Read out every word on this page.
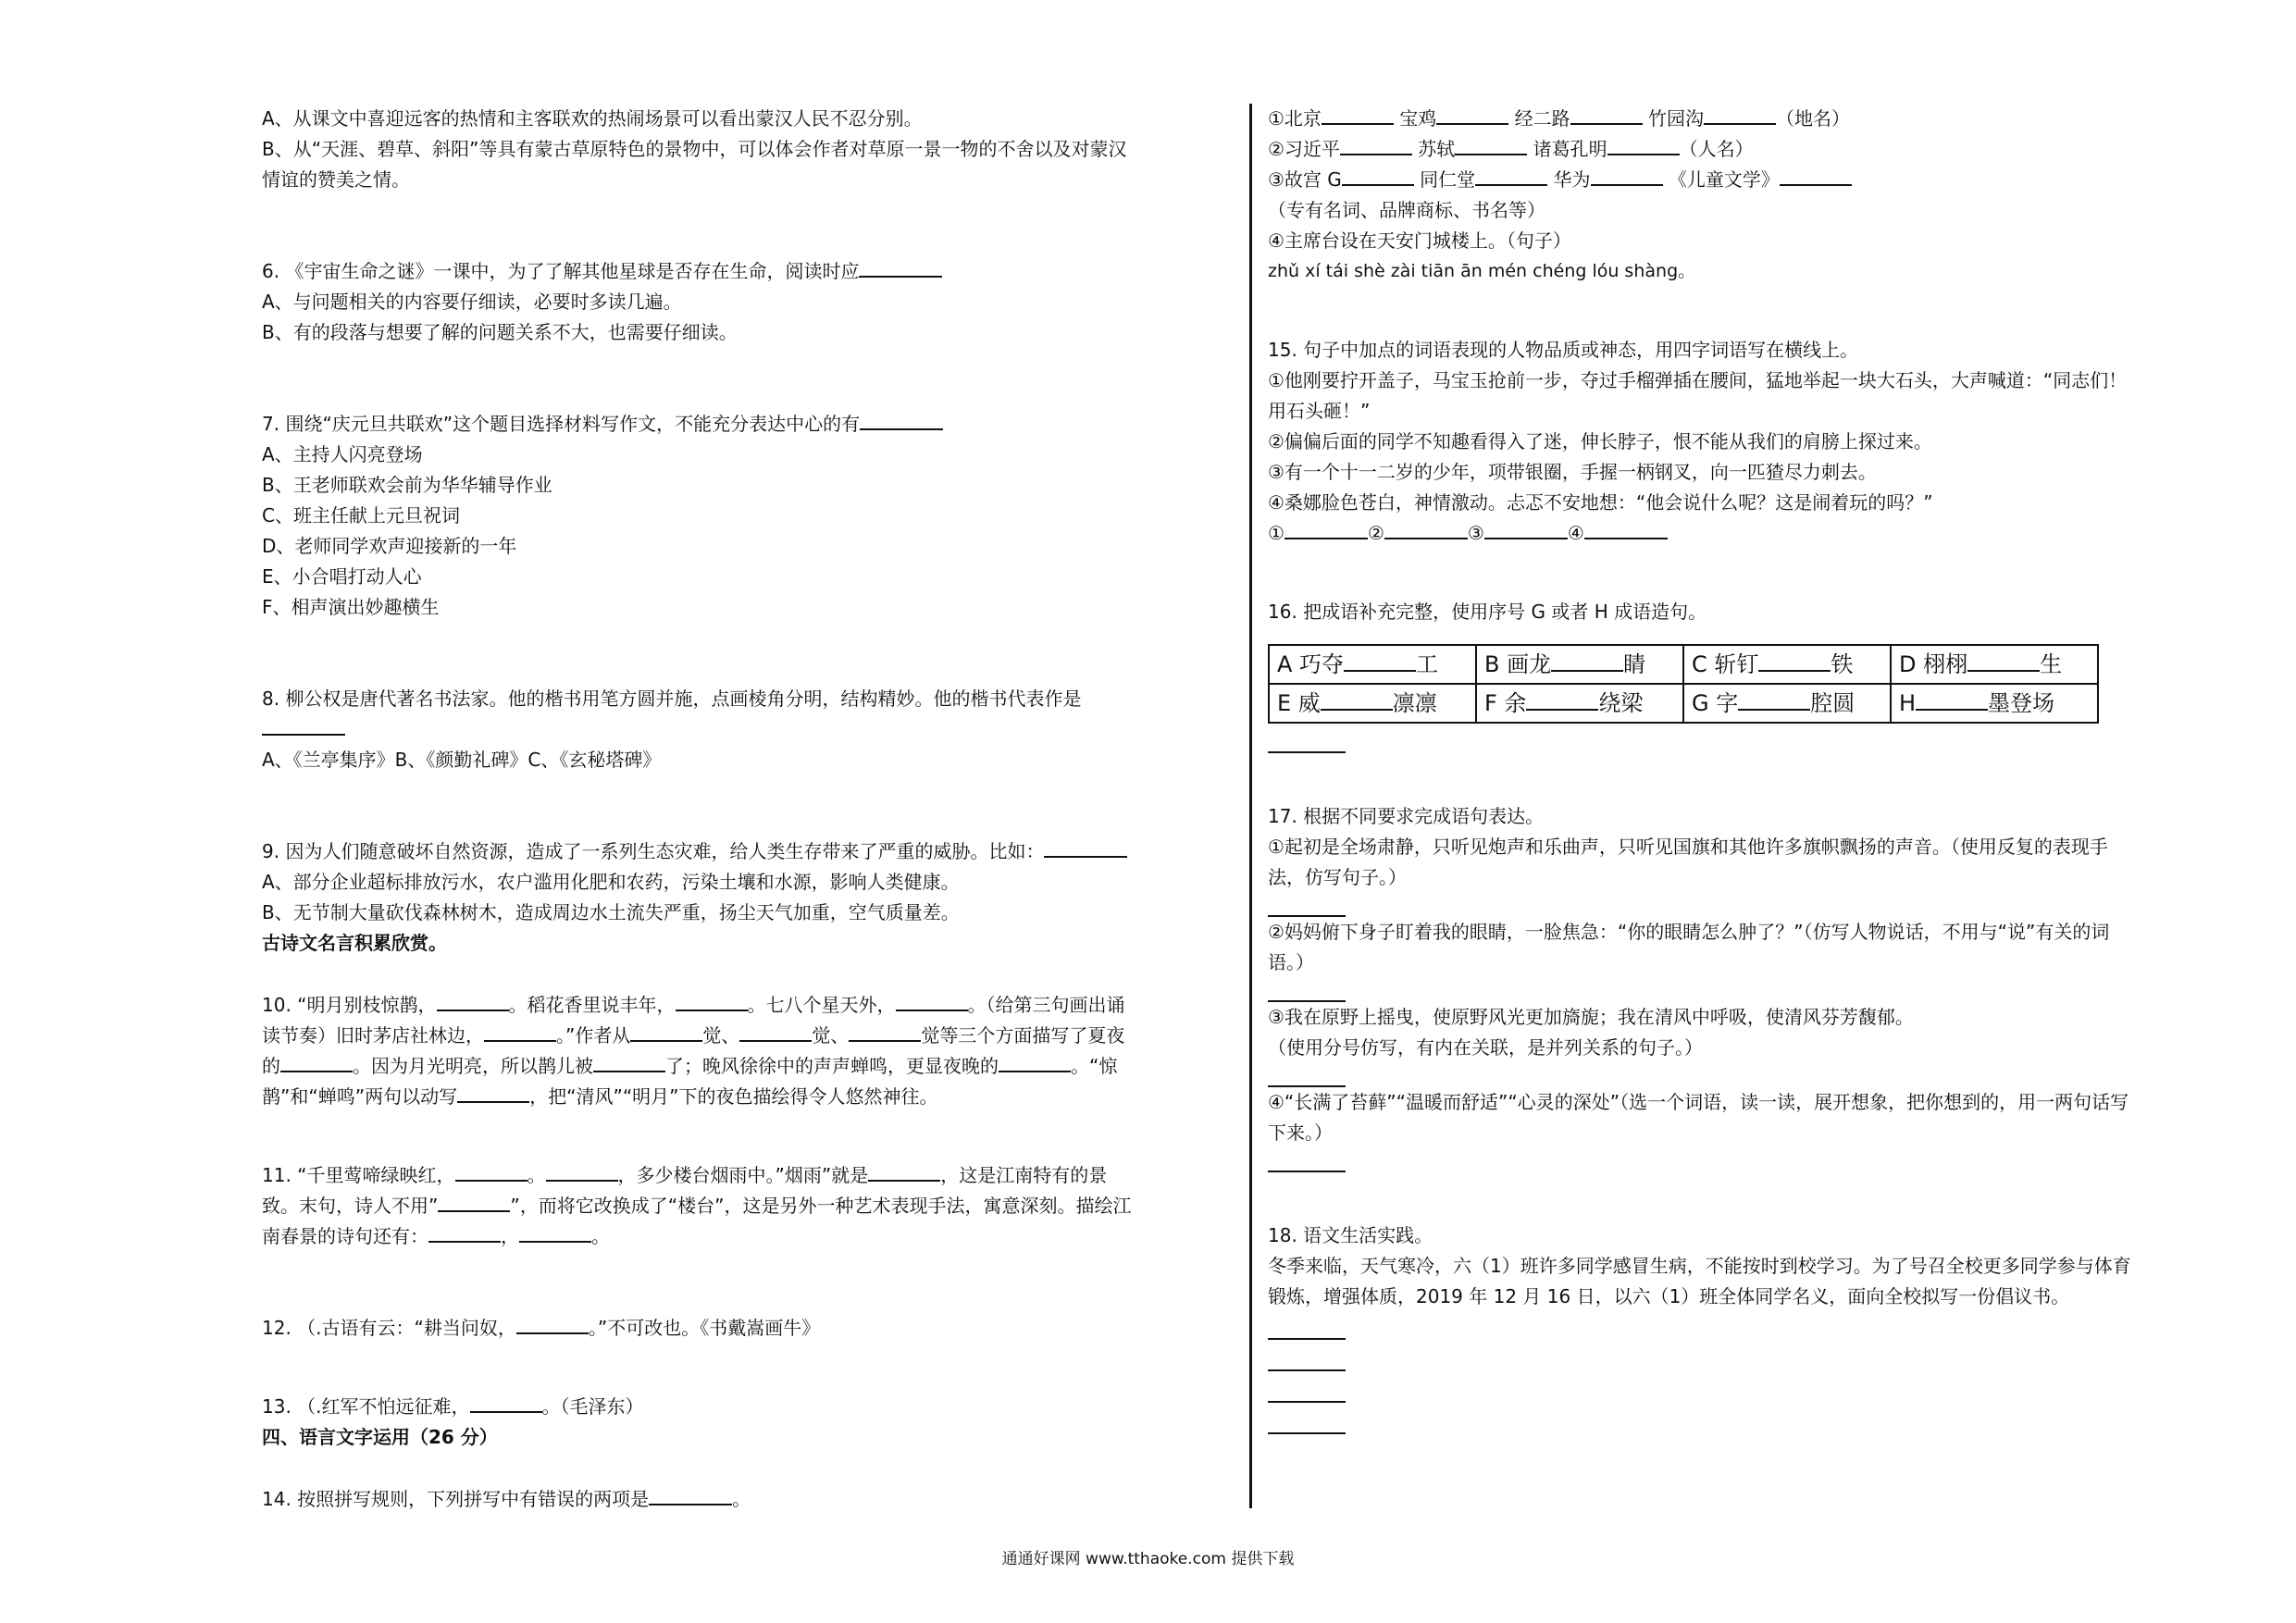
A、从课文中喜迎远客的热情和主客联欢的热闹场景可以看出蒙汉人民不忍分别。
B、从“天涯、碧草、斜阳”等具有蒙古草原特色的景物中，可以体会作者对草原一景一物的不舍以及对蒙汉
情谊的赞美之情。
6. 《宇宙生命之谜》一课中，为了了解其他星球是否存在生命，阅读时应
A、与问题相关的内容要仔细读，必要时多读几遍。
B、有的段落与想要了解的问题关系不大，也需要仔细读。
7. 围绕“庆元旦共联欢”这个题目选择材料写作文，不能充分表达中心的有
A、主持人闪亮登场
B、王老师联欢会前为华华辅导作业
C、班主任献上元旦祝词
D、老师同学欢声迎接新的一年
E、小合唱打动人心
F、相声演出妙趣横生
8. 柳公权是唐代著名书法家。他的楷书用笔方圆并施，点画棱角分明，结构精妙。他的楷书代表作是
A、《兰亭集序》B、《颜勤礼碑》C、《玄秘塔碑》
9. 因为人们随意破坏自然资源，造成了一系列生态灾难，给人类生存带来了严重的威胁。比如：
A、部分企业超标排放污水，农户滥用化肥和农药，污染土壤和水源，影响人类健康。
B、无节制大量砍伐森林树木，造成周边水土流失严重，扬尘天气加重，空气质量差。
古诗文名言积累欣赏。
10. “明月别枝惊鹊，	。稻花香里说丰年，	。七八个星天外，	。（给第三句画出诵
读节奏）旧时茅店社林边，	。”作者从	觉、	觉、	觉等三个方面描写了夏夜
的	。因为月光明亮，所以鹊儿被	了；晚风徐徐中的声声蝉鸣，更显夜晚的	。“惊
鹊”和“蝉鸣”两句以动写	，把“清风”“明月”下的夜色描绘得令人悠然神往。
11. “千里莺啼绿映红，	。	，多少楼台烟雨中。”烟雨”就是	，这是江南特有的景
致。末句，诗人不用”	”，而将它改换成了“楼台”，这是另外一种艺术表现手法，寓意深刻。描绘江
南春景的诗句还有：	，	。
12. （.古语有云：“耕当问奴，	。”不可改也。《书戴嵩画牛》
13. （.红军不怕远征难，	。（毛泽东）
四、语言文字运用（26 分）
14. 按照拼写规则，下列拼写中有错误的两项是	。
①北京	宝鸡	经二路	竹园沟	（地名）
②习近平	苏轼	诸葛孔明	（人名）
③故宫 G	同仁堂	华为	《儿童文学》
（专有名词、品牌商标、书名等）
④主席台设在天安门城楼上。（句子）
zhǔ xí tái shè zài tiān ān mén chéng lóu shàng。
15. 句子中加点的词语表现的人物品质或神态，用四字词语写在横线上。
①他刚要拧开盖子，马宝玉抢前一步，夺过手榴弹插在腰间，猛地举起一块大石头，大声喊道：“同志们！
用石头砸！”
②偏偏后面的同学不知趣看得入了迷，伸长脖子，恨不能从我们的肩膀上探过来。
③有一个十一二岁的少年，项带银圈，手握一柄钢叉，向一匹猹尽力刺去。
④桑娜脸色苍白，神情激动。忐忑不安地想：“他会说什么呢？这是闹着玩的吗？”
①	②	③	④
16. 把成语补充完整，使用序号 G 或者 H 成语造句。
A 巧夺 工	B 画龙 睛	C 斩钉 铁	D 栩栩 生
E 威 凛凛	F 余 绕梁	G 字 腔圆	H 墨登场
17. 根据不同要求完成语句表达。
①起初是全场肃静，只听见炮声和乐曲声，只听见国旗和其他许多旗帜飘扬的声音。（使用反复的表现手
法，仿写句子。）
②妈妈俯下身子盯着我的眼睛，一脸焦急：“你的眼睛怎么肿了？”（仿写人物说话，不用与“说”有关的词
语。）
③我在原野上摇曳，使原野风光更加旖旎；我在清风中呼吸，使清风芬芳馥郁。
（使用分号仿写，有内在关联，是并列关系的句子。）
④“长满了苔藓”“温暖而舒适”“心灵的深处”（选一个词语，读一读，展开想象，把你想到的，用一两句话写
下来。）
18. 语文生活实践。
冬季来临，天气寒冷，六（1）班许多同学感冒生病，不能按时到校学习。为了号召全校更多同学参与体育
锻炼，增强体质，2019 年 12 月 16 日，以六（1）班全体同学名义，面向全校拟写一份倡议书。
通通好课网 www.tthaoke.com 提供下载
